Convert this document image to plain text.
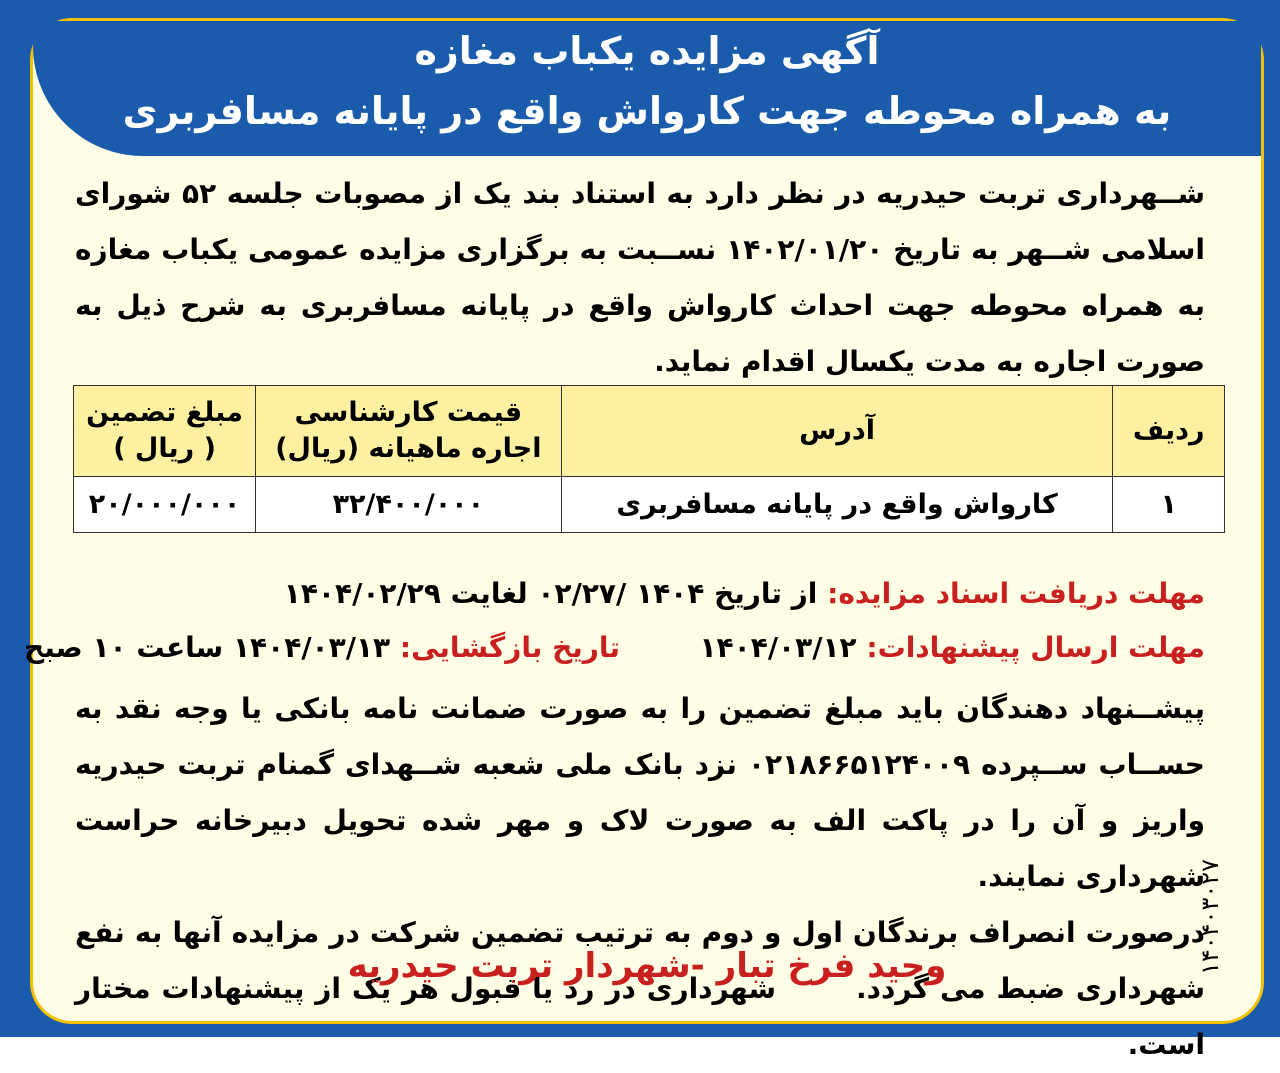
آگهی مزایده یکباب مغازه
به همراه محوطه جهت کارواش واقع در پایانه مسافربری
شــهرداری تربت حیدریه در نظر دارد به استناد بند یک از مصوبات جلسه ۵۲ شورای اسلامی شــهر به تاریخ ۱۴۰۲/۰۱/۲۰ نســبت به برگزاری مزایده عمومی یکباب مغازه به همراه محوطه جهت احداث کارواش واقع در پایانه مسافربری به شرح ذیل به صورت اجاره به مدت یکسال اقدام نماید.
ردیف	آدرس	قیمت کارشناسی اجاره ماهیانه (ریال)	مبلغ تضمین ( ریال )
۱	کارواش واقع در پایانه مسافربری	۳۲/۴۰۰/۰۰۰	۲۰/۰۰۰/۰۰۰
مهلت دریافت اسناد مزایده: از تاریخ ۱۴۰۴ /۰۲/۲۷ لغایت ۱۴۰۴/۰۲/۲۹
مهلت ارسال پیشنهادات: ۱۴۰۴/۰۳/۱۲  تاریخ بازگشایی: ۱۴۰۴/۰۳/۱۳ ساعت ۱۰ صبح
پیشــنهاد دهندگان باید مبلغ تضمین را به صورت ضمانت نامه بانکی یا وجه نقد به حســاب ســپرده ۰۲۱۸۶۶۵۱۲۴۰۰۹ نزد بانک ملی شعبه شــهدای گمنام تربت حیدریه واریز و آن را در پاکت الف به صورت لاک و مهر شده تحویل دبیرخانه حراست شهرداری نمایند.
درصورت انصراف برندگان اول و دوم به ترتیب تضمین شرکت در مزایده آنها به نفع شهرداری ضبط می گردد.شهرداری در رد یا قبول هر یک از پیشنهادات مختار است.
وحید فرخ تبار -شهردار تربت حیدریه	۱۴۰۴۰۳۰۲۷
